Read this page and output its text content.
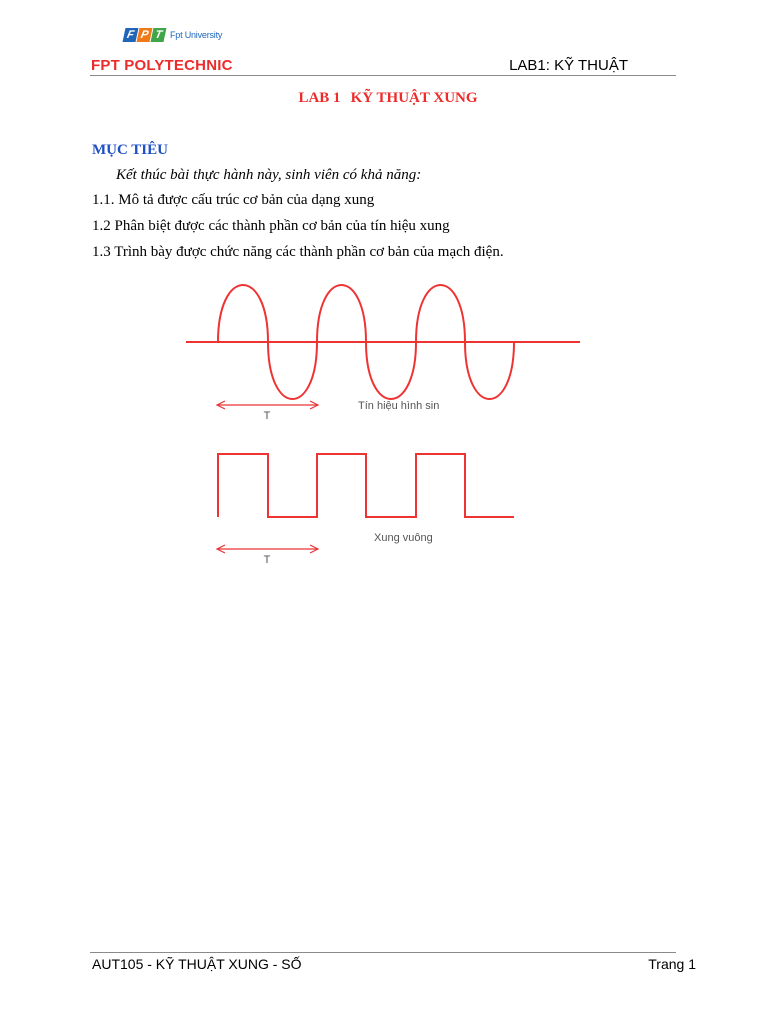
F P T Fpt University
FPT POLYTECHNIC	LAB1: KỸ THUẬT
LAB 1 KỸ THUẬT XUNG
MỤC TIÊU
Kết thúc bài thực hành này, sinh viên có khả năng:
1.1. Mô tả được cấu trúc cơ bản của dạng xung
1.2 Phân biệt được các thành phần cơ bản của tín hiệu xung
1.3 Trình bày được chức năng các thành phần cơ bản của mạch điện.
T
Tín hiệu hình sin
T
Xung vuông
AUT105 - KỸ THUẬT XUNG - SỐ	Trang 1
